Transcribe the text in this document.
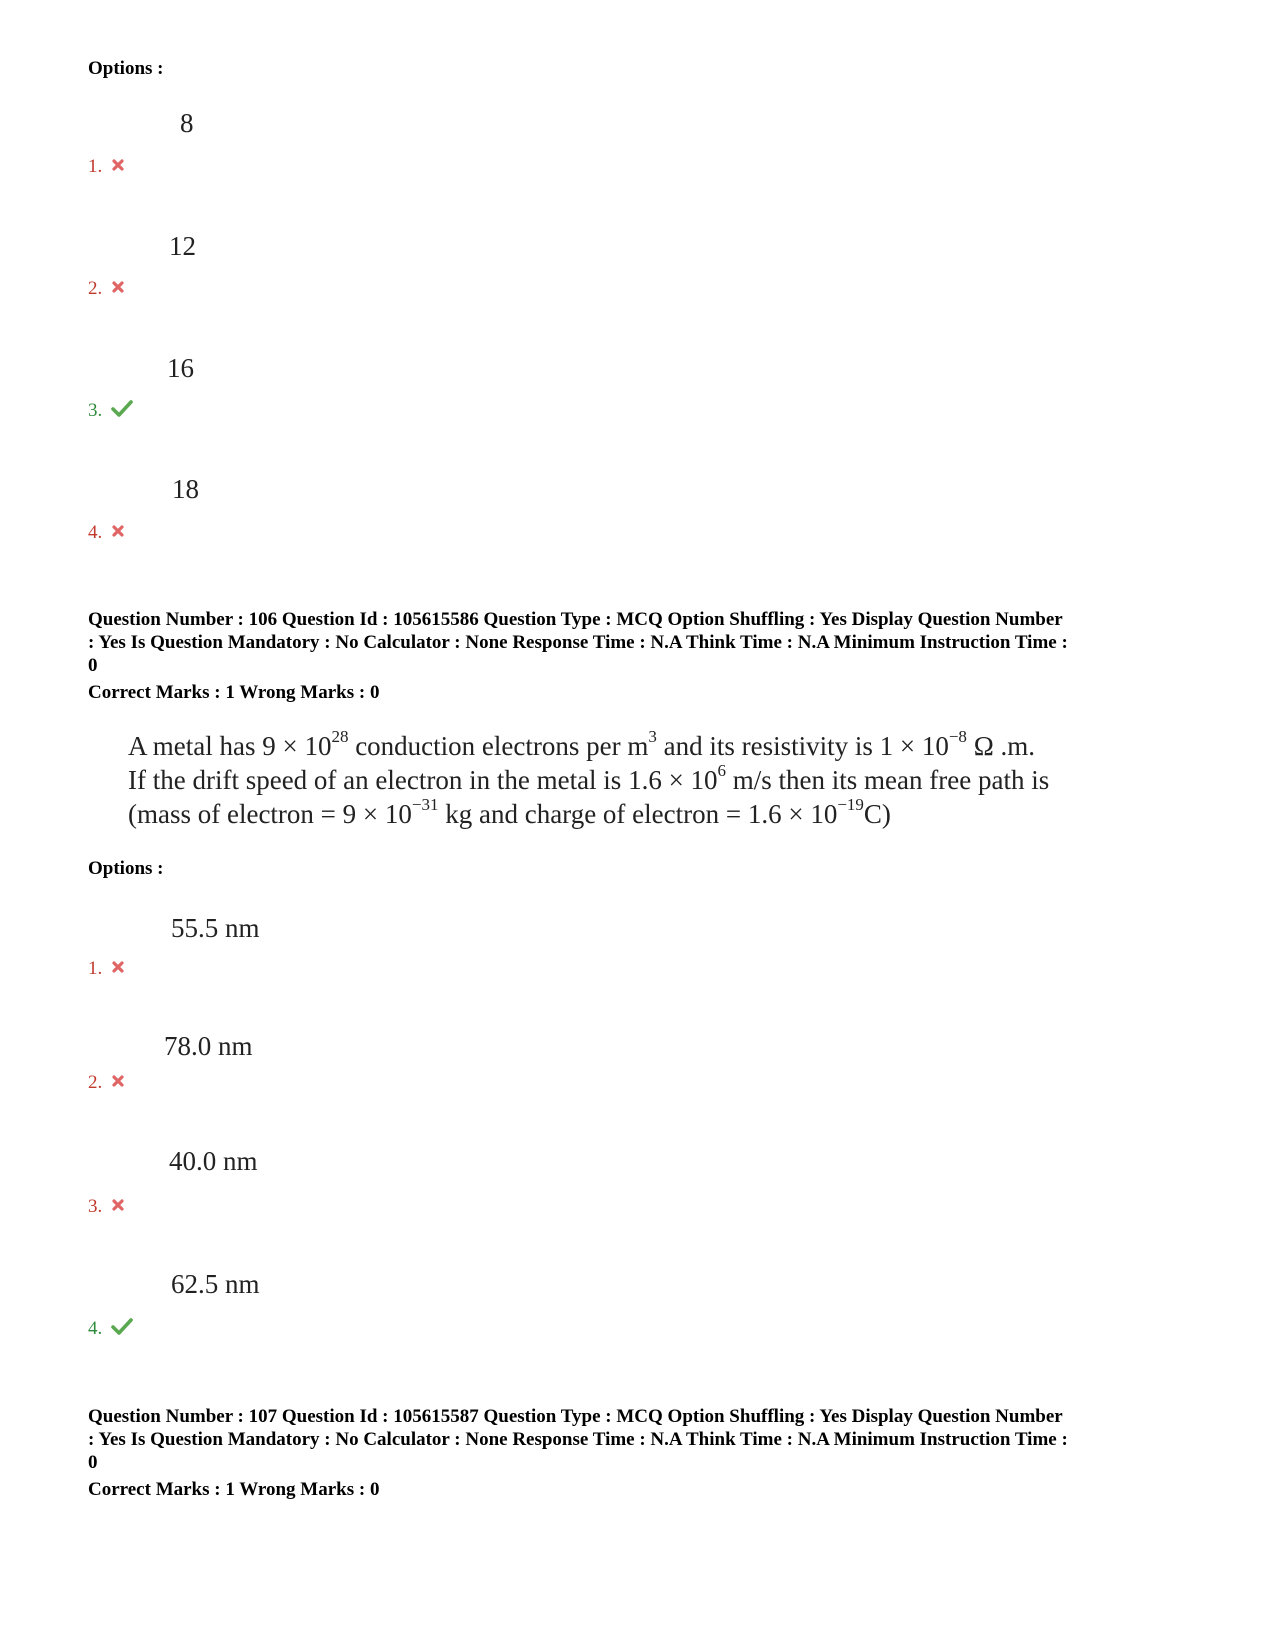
Options :
8
1.
12
2.
16
3.
18
4.
Question Number : 106 Question Id : 105615586 Question Type : MCQ Option Shuffling : Yes Display Question Number
: Yes Is Question Mandatory : No Calculator : None Response Time : N.A Think Time : N.A Minimum Instruction Time :
0
Correct Marks : 1 Wrong Marks : 0
A metal has $9 \times 10^{28}$ conduction electrons per $m^3$ and its resistivity is $1 \times 10^{-8}$ Ω .m.
If the drift speed of an electron in the metal is $1.6 \times 10^6$ m/s then its mean free path is
(mass of electron = $9 \times 10^{-31}$ kg and charge of electron = $1.6 \times 10^{-19}C$)
Options :
55.5 nm
1.
78.0 nm
2.
40.0 nm
3.
62.5 nm
4.
Question Number : 107 Question Id : 105615587 Question Type : MCQ Option Shuffling : Yes Display Question Number
: Yes Is Question Mandatory : No Calculator : None Response Time : N.A Think Time : N.A Minimum Instruction Time :
0
Correct Marks : 1 Wrong Marks : 0
